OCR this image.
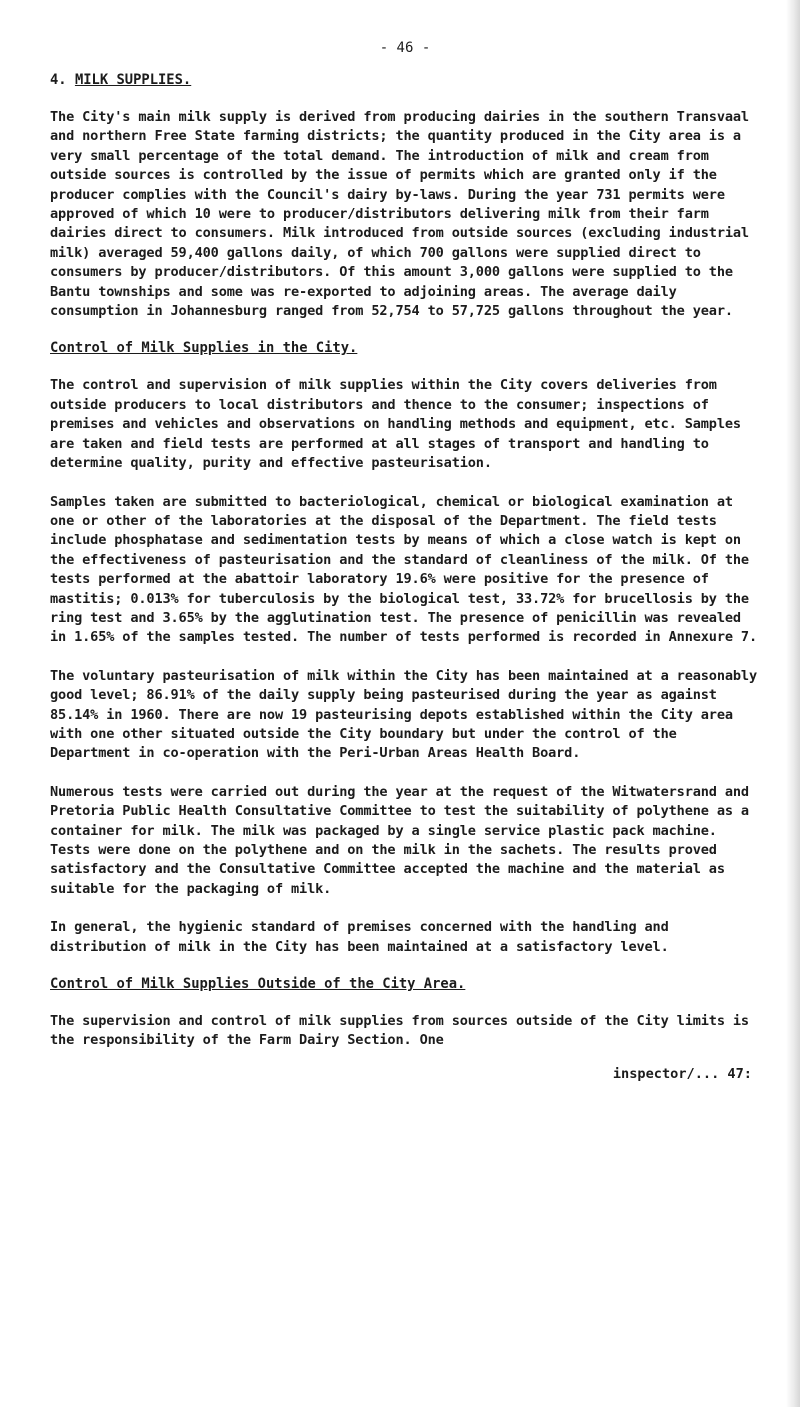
- 46 -
4. MILK SUPPLIES.

The City's main milk supply is derived from producing dairies in the southern Transvaal and northern Free State farming districts; the quantity produced in the City area is a very small percentage of the total demand. The introduction of milk and cream from outside sources is controlled by the issue of permits which are granted only if the producer complies with the Council's dairy by-laws. During the year 731 permits were approved of which 10 were to producer/distributors delivering milk from their farm dairies direct to consumers. Milk introduced from outside sources (excluding industrial milk) averaged 59,400 gallons daily, of which 700 gallons were supplied direct to consumers by producer/distributors. Of this amount 3,000 gallons were supplied to the Bantu townships and some was re-exported to adjoining areas. The average daily consumption in Johannesburg ranged from 52,754 to 57,725 gallons throughout the year.

Control of Milk Supplies in the City.

The control and supervision of milk supplies within the City covers deliveries from outside producers to local distributors and thence to the consumer; inspections of premises and vehicles and observations on handling methods and equipment, etc. Samples are taken and field tests are performed at all stages of transport and handling to determine quality, purity and effective pasteurisation.

Samples taken are submitted to bacteriological, chemical or biological examination at one or other of the laboratories at the disposal of the Department. The field tests include phosphatase and sedimentation tests by means of which a close watch is kept on the effectiveness of pasteurisation and the standard of cleanliness of the milk. Of the tests performed at the abattoir laboratory 19.6% were positive for the presence of mastitis; 0.013% for tuberculosis by the biological test, 33.72% for brucellosis by the ring test and 3.65% by the agglutination test. The presence of penicillin was revealed in 1.65% of the samples tested. The number of tests performed is recorded in Annexure 7.

The voluntary pasteurisation of milk within the City has been maintained at a reasonably good level; 86.91% of the daily supply being pasteurised during the year as against 85.14% in 1960. There are now 19 pasteurising depots established within the City area with one other situated outside the City boundary but under the control of the Department in co-operation with the Peri-Urban Areas Health Board.

Numerous tests were carried out during the year at the request of the Witwatersrand and Pretoria Public Health Consultative Committee to test the suitability of polythene as a container for milk. The milk was packaged by a single service plastic pack machine. Tests were done on the polythene and on the milk in the sachets. The results proved satisfactory and the Consultative Committee accepted the machine and the material as suitable for the packaging of milk.

In general, the hygienic standard of premises concerned with the handling and distribution of milk in the City has been maintained at a satisfactory level.

Control of Milk Supplies Outside of the City Area.

The supervision and control of milk supplies from sources outside of the City limits is the responsibility of the Farm Dairy Section. One

inspector/... 47:
